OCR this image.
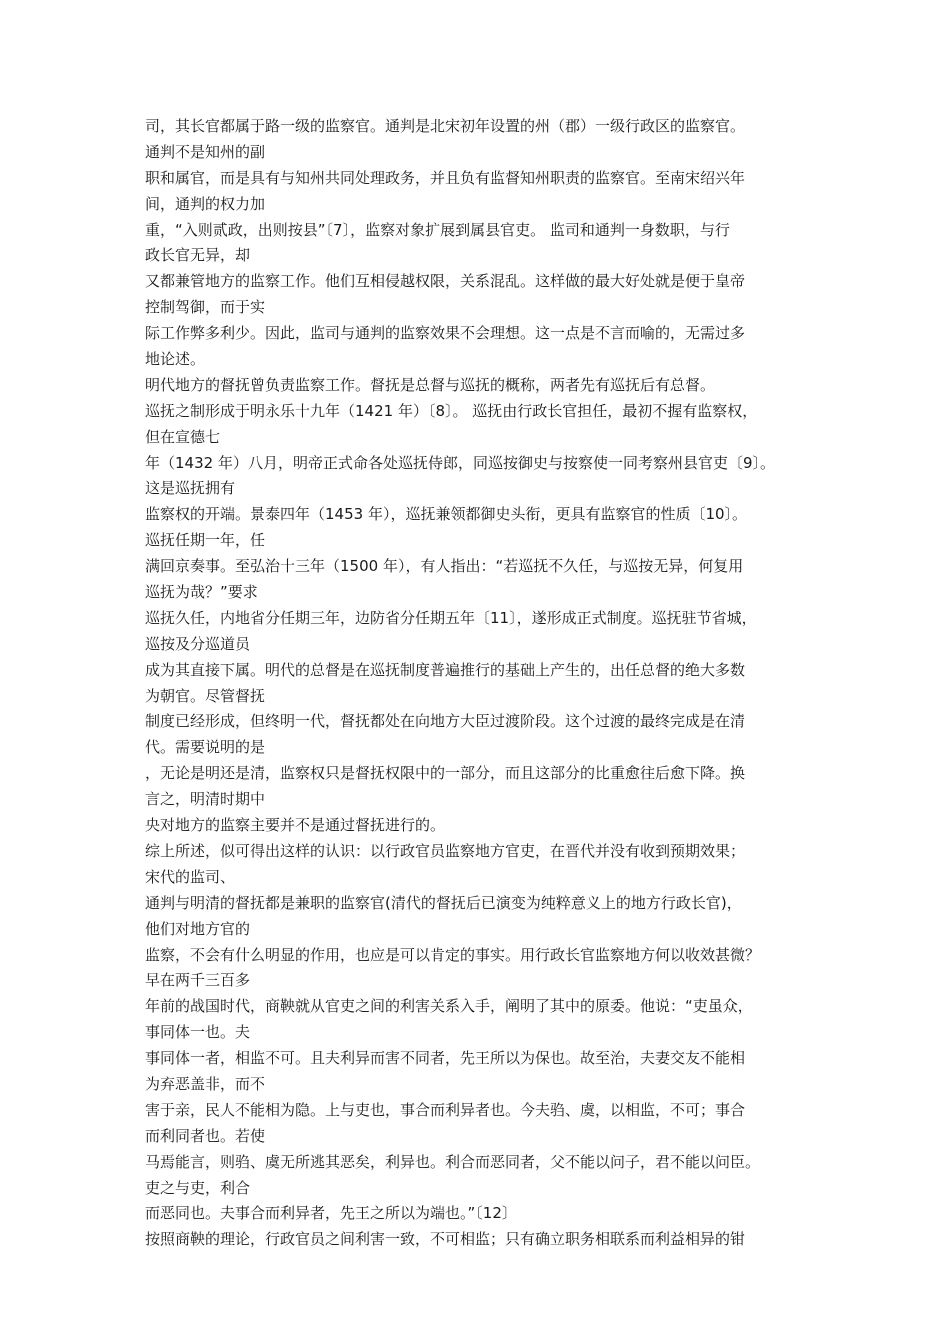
司，其长官都属于路一级的监察官。通判是北宋初年设置的州（郡）一级行政区的监察官。
通判不是知州的副
职和属官，而是具有与知州共同处理政务，并且负有监督知州职责的监察官。至南宋绍兴年
间，通判的权力加
重，“入则贰政，出则按县”〔7〕，监察对象扩展到属县官吏。 监司和通判一身数职，与行
政长官无异，却
又都兼管地方的监察工作。他们互相侵越权限，关系混乱。这样做的最大好处就是便于皇帝
控制驾御，而于实
际工作弊多利少。因此，监司与通判的监察效果不会理想。这一点是不言而喻的，无需过多
地论述。
明代地方的督抚曾负责监察工作。督抚是总督与巡抚的概称，两者先有巡抚后有总督。
巡抚之制形成于明永乐十九年（1421 年）〔8〕。 巡抚由行政长官担任，最初不握有监察权，
但在宣德七
年（1432 年）八月，明帝正式命各处巡抚侍郎，同巡按御史与按察使一同考察州县官吏〔9〕。
这是巡抚拥有
监察权的开端。景泰四年（1453 年），巡抚兼领都御史头衔，更具有监察官的性质〔10〕。
巡抚任期一年，任
满回京奏事。至弘治十三年（1500 年），有人指出：“若巡抚不久任，与巡按无异，何复用
巡抚为哉？”要求
巡抚久任，内地省分任期三年，边防省分任期五年〔11〕，遂形成正式制度。巡抚驻节省城，
巡按及分巡道员
成为其直接下属。明代的总督是在巡抚制度普遍推行的基础上产生的，出任总督的绝大多数
为朝官。尽管督抚
制度已经形成，但终明一代，督抚都处在向地方大臣过渡阶段。这个过渡的最终完成是在清
代。需要说明的是
，无论是明还是清，监察权只是督抚权限中的一部分，而且这部分的比重愈往后愈下降。换
言之，明清时期中
央对地方的监察主要并不是通过督抚进行的。
综上所述，似可得出这样的认识：以行政官员监察地方官吏，在晋代并没有收到预期效果；
宋代的监司、
通判与明清的督抚都是兼职的监察官(清代的督抚后已演变为纯粹意义上的地方行政长官)，
他们对地方官的
监察，不会有什么明显的作用，也应是可以肯定的事实。用行政长官监察地方何以收效甚微？
早在两千三百多
年前的战国时代，商鞅就从官吏之间的利害关系入手，阐明了其中的原委。他说：“吏虽众，
事同体一也。夫
事同体一者，相监不可。且夫利异而害不同者，先王所以为保也。故至治，夫妻交友不能相
为弃恶盖非，而不
害于亲，民人不能相为隐。上与吏也，事合而利异者也。今夫驺、虞，以相监，不可；事合
而利同者也。若使
马焉能言，则驺、虞无所逃其恶矣，利异也。利合而恶同者，父不能以问子，君不能以问臣。
吏之与吏，利合
而恶同也。夫事合而利异者，先王之所以为端也。”〔12〕
按照商鞅的理论，行政官员之间利害一致，不可相监；只有确立职务相联系而利益相异的钳
